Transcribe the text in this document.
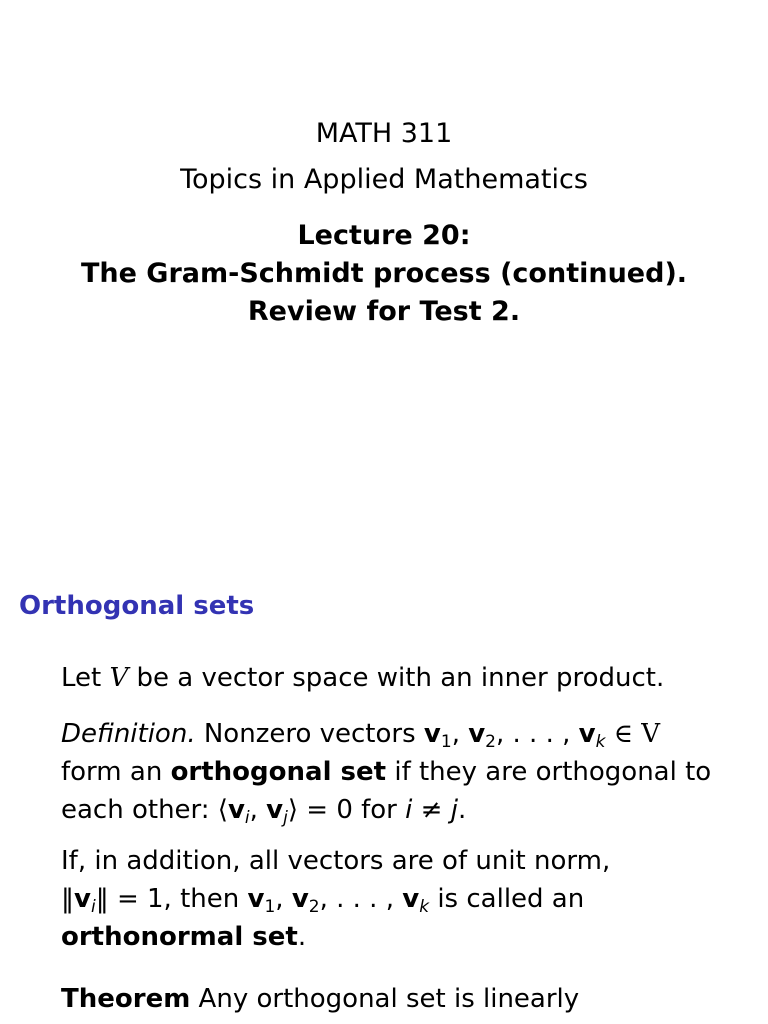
MATH 311
Topics in Applied Mathematics
Lecture 20:
The Gram-Schmidt process (continued).
Review for Test 2.
Orthogonal sets
Let V be a vector space with an inner product.
Definition. Nonzero vectors $v_1$, $v_2$, . . . , $v_k$ ∈ V
form an orthogonal set if they are orthogonal to
each other: $⟨v_i$, $v_j⟩ = 0$ for i ≠ j.
If, in addition, all vectors are of unit norm,
$‖v_i‖ = 1$, then $v_1$, $v_2$, . . . , $v_k$ is called an
orthonormal set.
Theorem Any orthogonal set is linearly
